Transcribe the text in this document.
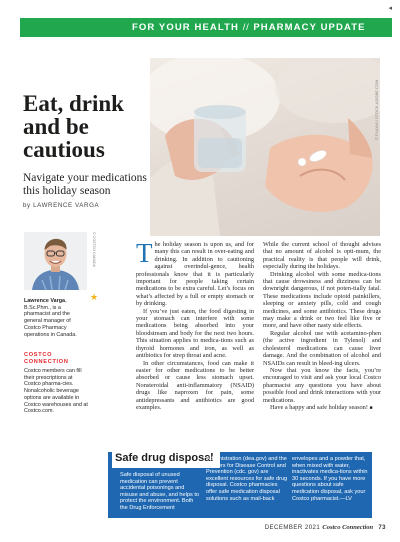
◂
FOR YOUR HEALTH // PHARMACY UPDATE
© FLAXIA / STOCK.ADOBE.COM
Eat, drink and be cautious
Navigate your medications this holiday season
by LAWRENCE VARGA
© COSTCO CANADA
★
Lawrence Varga, B.Sc.Phm., is a pharmacist and the general manager of Costco Pharmacy operations in Canada.
COSTCO CONNECTION
Costco members can fill their prescriptions at Costco pharma-cies. Nonalcoholic beverage options are available in Costco warehouses and at Costco.com.

The holiday season is upon us, and for many this can result in over-eating and drinking. In addition to cautioning against overindul-gence, health professionals know that it is particularly important for people taking certain medications to be extra careful. Let’s focus on what’s affected by a full or empty stomach or by drinking.

If you’ve just eaten, the food digesting in your stomach can interfere with some medications being absorbed into your bloodstream and body for the next two hours. This situation applies to medica-tions such as thyroid hormones and iron, as well as antibiotics for strep throat and acne.

In other circumstances, food can make it easier for other medications to be better absorbed or cause less stomach upset. Nonsteroidal anti-inflammatory (NSAID) drugs like naproxen for pain, some antidepressants and antibiotics are good examples.

While the current school of thought advises that no amount of alcohol is opti-mum, the practical reality is that people will drink, especially during the holidays.

Drinking alcohol with some medica-tions that cause drowsiness and dizziness can be downright dangerous, if not poten-tially fatal. These medications include opioid painkillers, sleeping or anxiety pills, cold and cough medicines, and some antibiotics. These drugs may make a drink or two feel like five or more, and have other nasty side effects.

Regular alcohol use with acetamino-phen (the active ingredient in Tylenol) and cholesterol medications can cause liver damage. And the combination of alcohol and NSAIDs can result in bleed-ing ulcers.

Now that you know the facts, you’re encouraged to visit and ask your local Costco pharmacist any questions you have about possible food and drink interactions with your medications.

Have a happy and safe holiday season! ■

Safe drug disposal
Safe disposal of unused medication can prevent accidental poisonings and misuse and abuse, and helps to protect the environment. Both the Drug Enforcement
Administration (dea.gov) and the Centers for Disease Control and Prevention (cdc. gov) are excellent resources for safe drug disposal. Costco pharmacies offer safe medication disposal solutions such as mail-back
envelopes and a powder that, when mixed with water, inactivates medica-tions within 30 seconds. If you have more questions about safe medication disposal, ask your Costco pharmacist.—LV
DECEMBER 2021 Costco Connection 73
